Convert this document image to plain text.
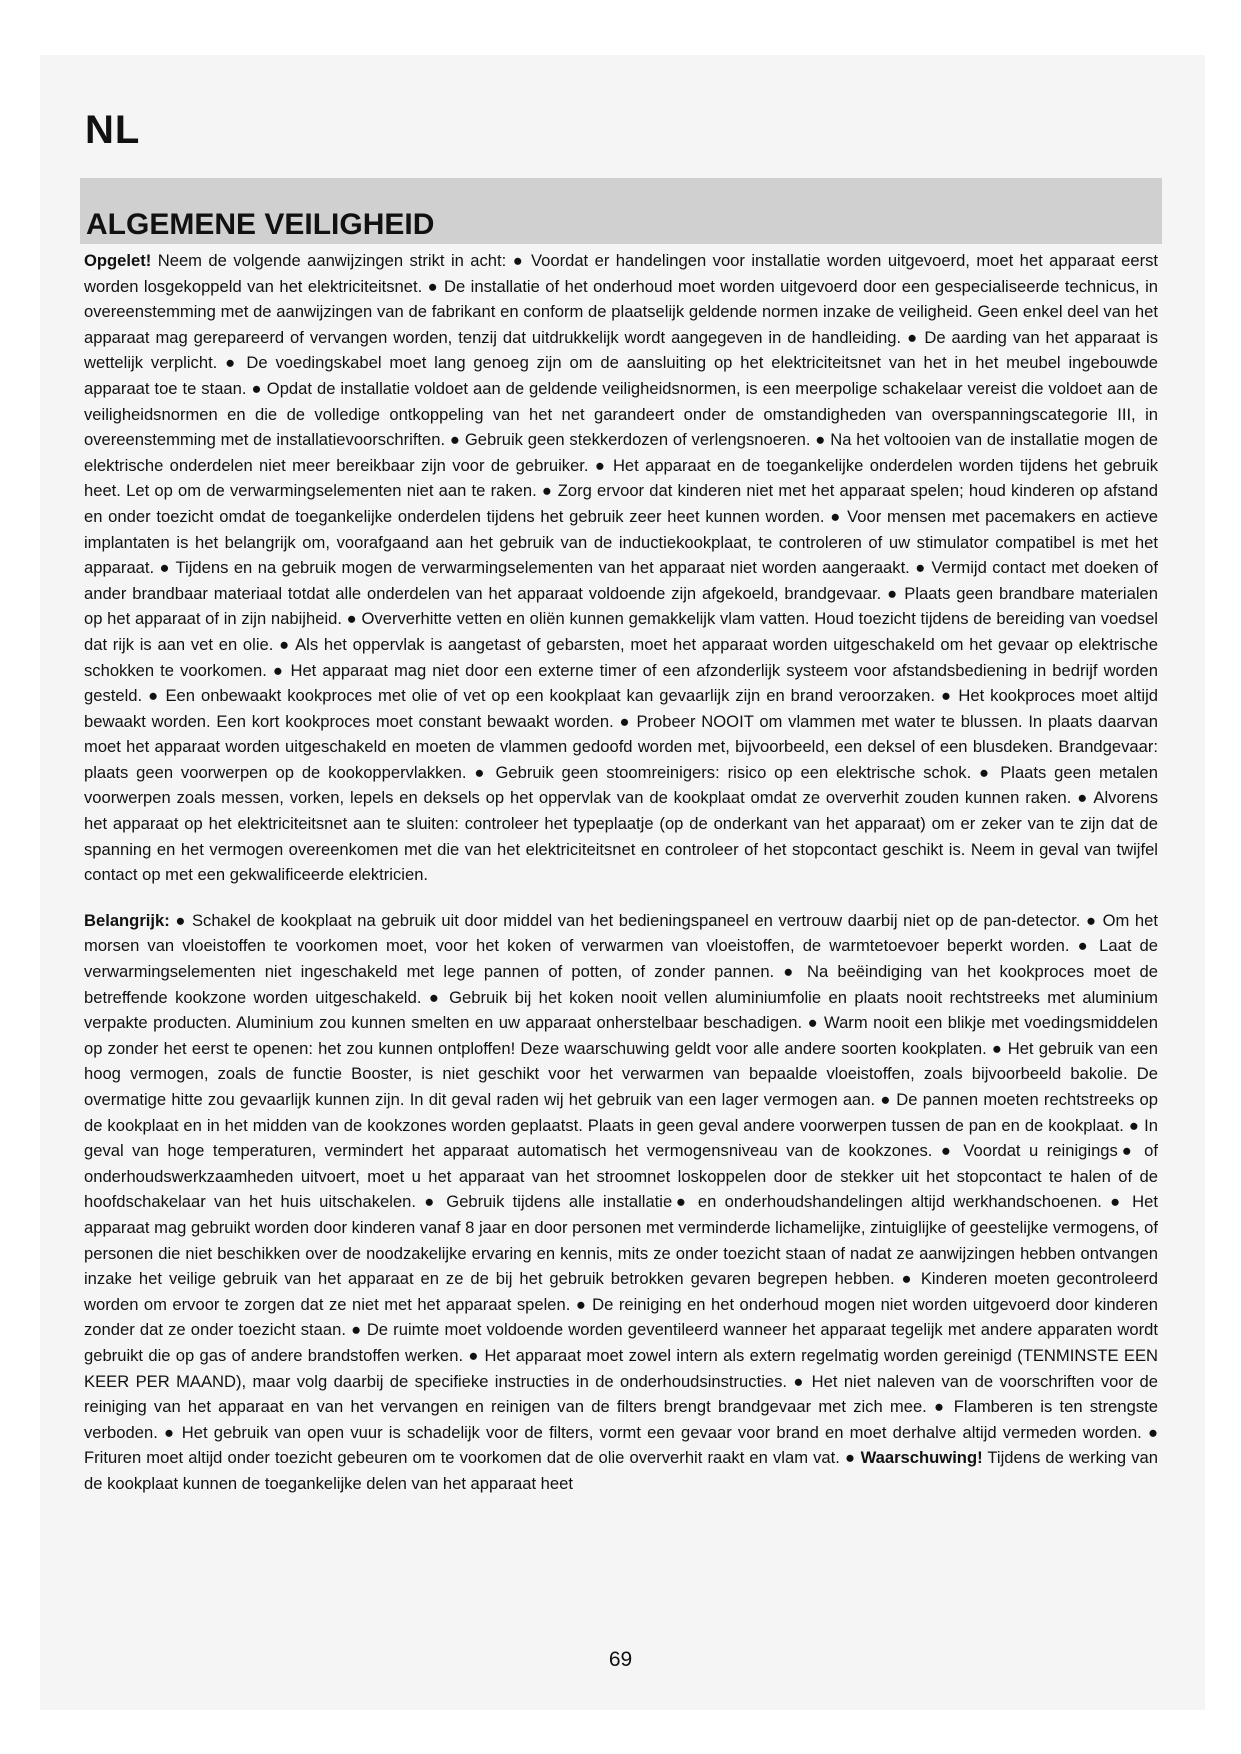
NL
ALGEMENE VEILIGHEID

Opgelet! Neem de volgende aanwijzingen strikt in acht: ● Voordat er handelingen voor installatie worden uitgevoerd, moet het apparaat eerst worden losgekoppeld van het elektriciteitsnet. ● De installatie of het onderhoud moet worden uitgevoerd door een gespecialiseerde technicus, in overeenstemming met de aanwijzingen van de fabrikant en conform de plaatselijk geldende normen inzake de veiligheid. Geen enkel deel van het apparaat mag gerepareerd of vervangen worden, tenzij dat uitdrukkelijk wordt aangegeven in de handleiding. ● De aarding van het apparaat is wettelijk verplicht. ● De voedingskabel moet lang genoeg zijn om de aansluiting op het elektriciteitsnet van het in het meubel ingebouwde apparaat toe te staan. ● Opdat de installatie voldoet aan de geldende veiligheidsnormen, is een meerpolige schakelaar vereist die voldoet aan de veiligheidsnormen en die de volledige ontkoppeling van het net garandeert onder de omstandigheden van overspanningscategorie III, in overeenstemming met de installatievoorschriften. ● Gebruik geen stekkerdozen of verlengsnoeren. ● Na het voltooien van de installatie mogen de elektrische onderdelen niet meer bereikbaar zijn voor de gebruiker. ● Het apparaat en de toegankelijke onderdelen worden tijdens het gebruik heet. Let op om de verwarmingselementen niet aan te raken. ● Zorg ervoor dat kinderen niet met het apparaat spelen; houd kinderen op afstand en onder toezicht omdat de toegankelijke onderdelen tijdens het gebruik zeer heet kunnen worden. ● Voor mensen met pacemakers en actieve implantaten is het belangrijk om, voorafgaand aan het gebruik van de inductiekookplaat, te controleren of uw stimulator compatibel is met het apparaat. ● Tijdens en na gebruik mogen de verwarmingselementen van het apparaat niet worden aangeraakt. ● Vermijd contact met doeken of ander brandbaar materiaal totdat alle onderdelen van het apparaat voldoende zijn afgekoeld, brandgevaar. ● Plaats geen brandbare materialen op het apparaat of in zijn nabijheid. ● Oververhitte vetten en oliën kunnen gemakkelijk vlam vatten. Houd toezicht tijdens de bereiding van voedsel dat rijk is aan vet en olie. ● Als het oppervlak is aangetast of gebarsten, moet het apparaat worden uitgeschakeld om het gevaar op elektrische schokken te voorkomen. ● Het apparaat mag niet door een externe timer of een afzonderlijk systeem voor afstandsbediening in bedrijf worden gesteld. ● Een onbewaakt kookproces met olie of vet op een kookplaat kan gevaarlijk zijn en brand veroorzaken. ● Het kookproces moet altijd bewaakt worden. Een kort kookproces moet constant bewaakt worden. ● Probeer NOOIT om vlammen met water te blussen. In plaats daarvan moet het apparaat worden uitgeschakeld en moeten de vlammen gedoofd worden met, bijvoorbeeld, een deksel of een blusdeken. Brandgevaar: plaats geen voorwerpen op de kookoppervlakken. ● Gebruik geen stoomreinigers: risico op een elektrische schok. ● Plaats geen metalen voorwerpen zoals messen, vorken, lepels en deksels op het oppervlak van de kookplaat omdat ze oververhit zouden kunnen raken. ● Alvorens het apparaat op het elektriciteitsnet aan te sluiten: controleer het typeplaatje (op de onderkant van het apparaat) om er zeker van te zijn dat de spanning en het vermogen overeenkomen met die van het elektriciteitsnet en controleer of het stopcontact geschikt is. Neem in geval van twijfel contact op met een gekwalificeerde elektricien.

Belangrijk: ● Schakel de kookplaat na gebruik uit door middel van het bedieningspaneel en vertrouw daarbij niet op de pan-detector. ● Om het morsen van vloeistoffen te voorkomen moet, voor het koken of verwarmen van vloeistoffen, de warmtetoevoer beperkt worden. ● Laat de verwarmingselementen niet ingeschakeld met lege pannen of potten, of zonder pannen. ● Na beëindiging van het kookproces moet de betreffende kookzone worden uitgeschakeld. ● Gebruik bij het koken nooit vellen aluminiumfolie en plaats nooit rechtstreeks met aluminium verpakte producten. Aluminium zou kunnen smelten en uw apparaat onherstelbaar beschadigen. ● Warm nooit een blikje met voedingsmiddelen op zonder het eerst te openen: het zou kunnen ontploffen! Deze waarschuwing geldt voor alle andere soorten kookplaten. ● Het gebruik van een hoog vermogen, zoals de functie Booster, is niet geschikt voor het verwarmen van bepaalde vloeistoffen, zoals bijvoorbeeld bakolie. De overmatige hitte zou gevaarlijk kunnen zijn. In dit geval raden wij het gebruik van een lager vermogen aan. ● De pannen moeten rechtstreeks op de kookplaat en in het midden van de kookzones worden geplaatst. Plaats in geen geval andere voorwerpen tussen de pan en de kookplaat. ● In geval van hoge temperaturen, vermindert het apparaat automatisch het vermogensniveau van de kookzones. ● Voordat u reinigings● of onderhoudswerkzaamheden uitvoert, moet u het apparaat van het stroomnet loskoppelen door de stekker uit het stopcontact te halen of de hoofdschakelaar van het huis uitschakelen. ● Gebruik tijdens alle installatie● en onderhoudshandelingen altijd werkhandschoenen. ● Het apparaat mag gebruikt worden door kinderen vanaf 8 jaar en door personen met verminderde lichamelijke, zintuiglijke of geestelijke vermogens, of personen die niet beschikken over de noodzakelijke ervaring en kennis, mits ze onder toezicht staan of nadat ze aanwijzingen hebben ontvangen inzake het veilige gebruik van het apparaat en ze de bij het gebruik betrokken gevaren begrepen hebben. ● Kinderen moeten gecontroleerd worden om ervoor te zorgen dat ze niet met het apparaat spelen. ● De reiniging en het onderhoud mogen niet worden uitgevoerd door kinderen zonder dat ze onder toezicht staan. ● De ruimte moet voldoende worden geventileerd wanneer het apparaat tegelijk met andere apparaten wordt gebruikt die op gas of andere brandstoffen werken. ● Het apparaat moet zowel intern als extern regelmatig worden gereinigd (TENMINSTE EEN KEER PER MAAND), maar volg daarbij de specifieke instructies in de onderhoudsinstructies. ● Het niet naleven van de voorschriften voor de reiniging van het apparaat en van het vervangen en reinigen van de filters brengt brandgevaar met zich mee. ● Flamberen is ten strengste verboden. ● Het gebruik van open vuur is schadelijk voor de filters, vormt een gevaar voor brand en moet derhalve altijd vermeden worden. ● Frituren moet altijd onder toezicht gebeuren om te voorkomen dat de olie oververhit raakt en vlam vat. ● Waarschuwing! Tijdens de werking van de kookplaat kunnen de toegankelijke delen van het apparaat heet

69
